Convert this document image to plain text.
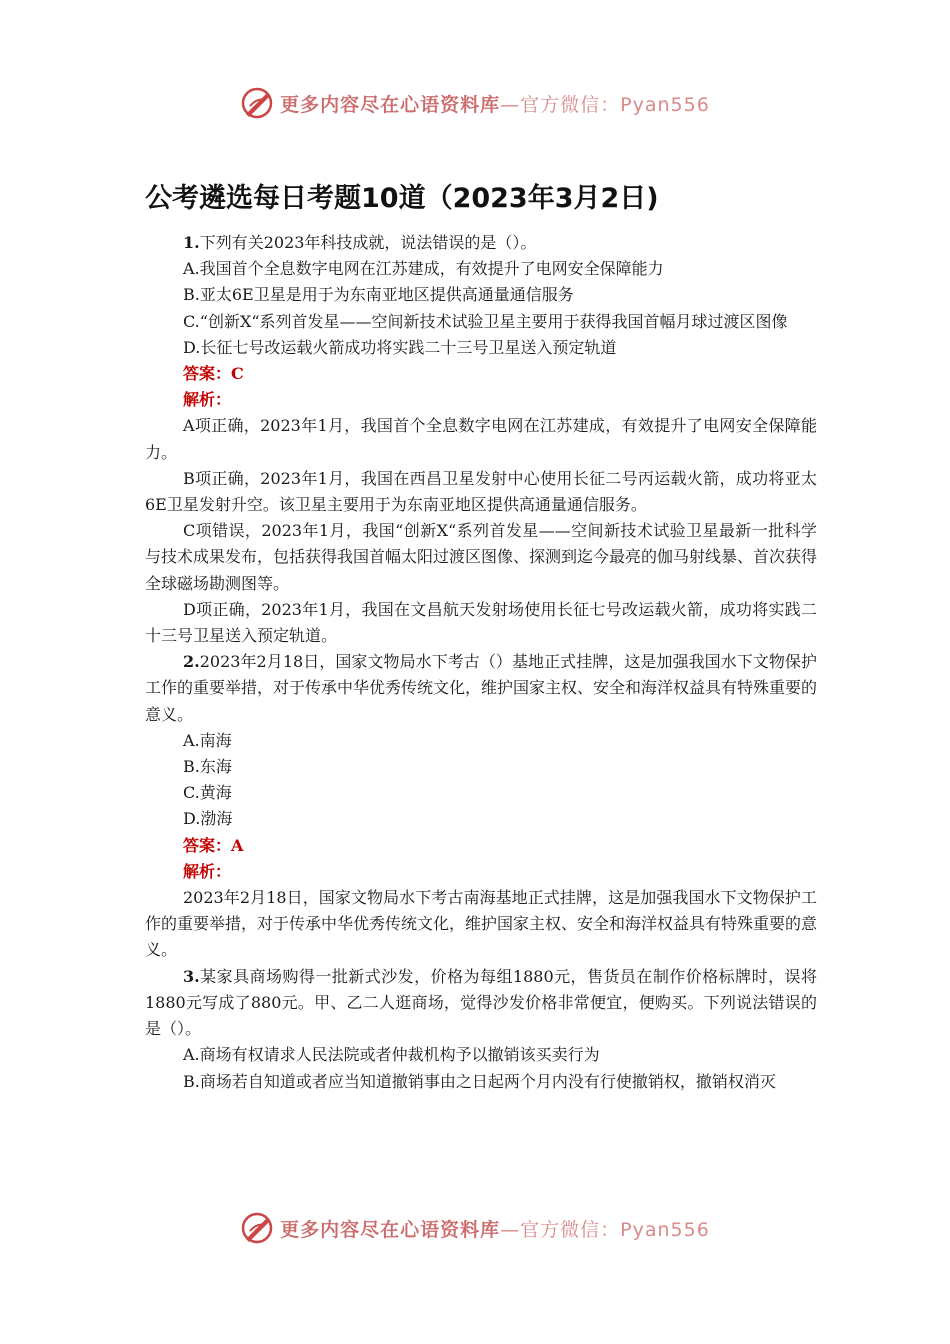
更多内容尽在心语资料库—官方微信：Pyan556
公考遴选每日考题10道（2023年3月2日)

1.下列有关2023年科技成就，说法错误的是（）。

A.我国首个全息数字电网在江苏建成，有效提升了电网安全保障能力

B.亚太6E卫星是用于为东南亚地区提供高通量通信服务

C.“创新X“系列首发星——空间新技术试验卫星主要用于获得我国首幅月球过渡区图像

D.长征七号改运载火箭成功将实践二十三号卫星送入预定轨道

答案：C

解析：

A项正确，2023年1月，我国首个全息数字电网在江苏建成，有效提升了电网安全保障能力。

B项正确，2023年1月，我国在西昌卫星发射中心使用长征二号丙运载火箭，成功将亚太6E卫星发射升空。该卫星主要用于为东南亚地区提供高通量通信服务。

C项错误，2023年1月，我国“创新X“系列首发星——空间新技术试验卫星最新一批科学与技术成果发布，包括获得我国首幅太阳过渡区图像、探测到迄今最亮的伽马射线暴、首次获得全球磁场勘测图等。

D项正确，2023年1月，我国在文昌航天发射场使用长征七号改运载火箭，成功将实践二十三号卫星送入预定轨道。

2.2023年2月18日，国家文物局水下考古（）基地正式挂牌，这是加强我国水下文物保护工作的重要举措，对于传承中华优秀传统文化，维护国家主权、安全和海洋权益具有特殊重要的意义。

A.南海

B.东海

C.黄海

D.渤海

答案：A

解析：

2023年2月18日，国家文物局水下考古南海基地正式挂牌，这是加强我国水下文物保护工作的重要举措，对于传承中华优秀传统文化，维护国家主权、安全和海洋权益具有特殊重要的意义。

3.某家具商场购得一批新式沙发，价格为每组1880元，售货员在制作价格标牌时，误将1880元写成了880元。甲、乙二人逛商场，觉得沙发价格非常便宜，便购买。下列说法错误的是（）。

A.商场有权请求人民法院或者仲裁机构予以撤销该买卖行为

B.商场若自知道或者应当知道撤销事由之日起两个月内没有行使撤销权，撤销权消灭

更多内容尽在心语资料库—官方微信：Pyan556
